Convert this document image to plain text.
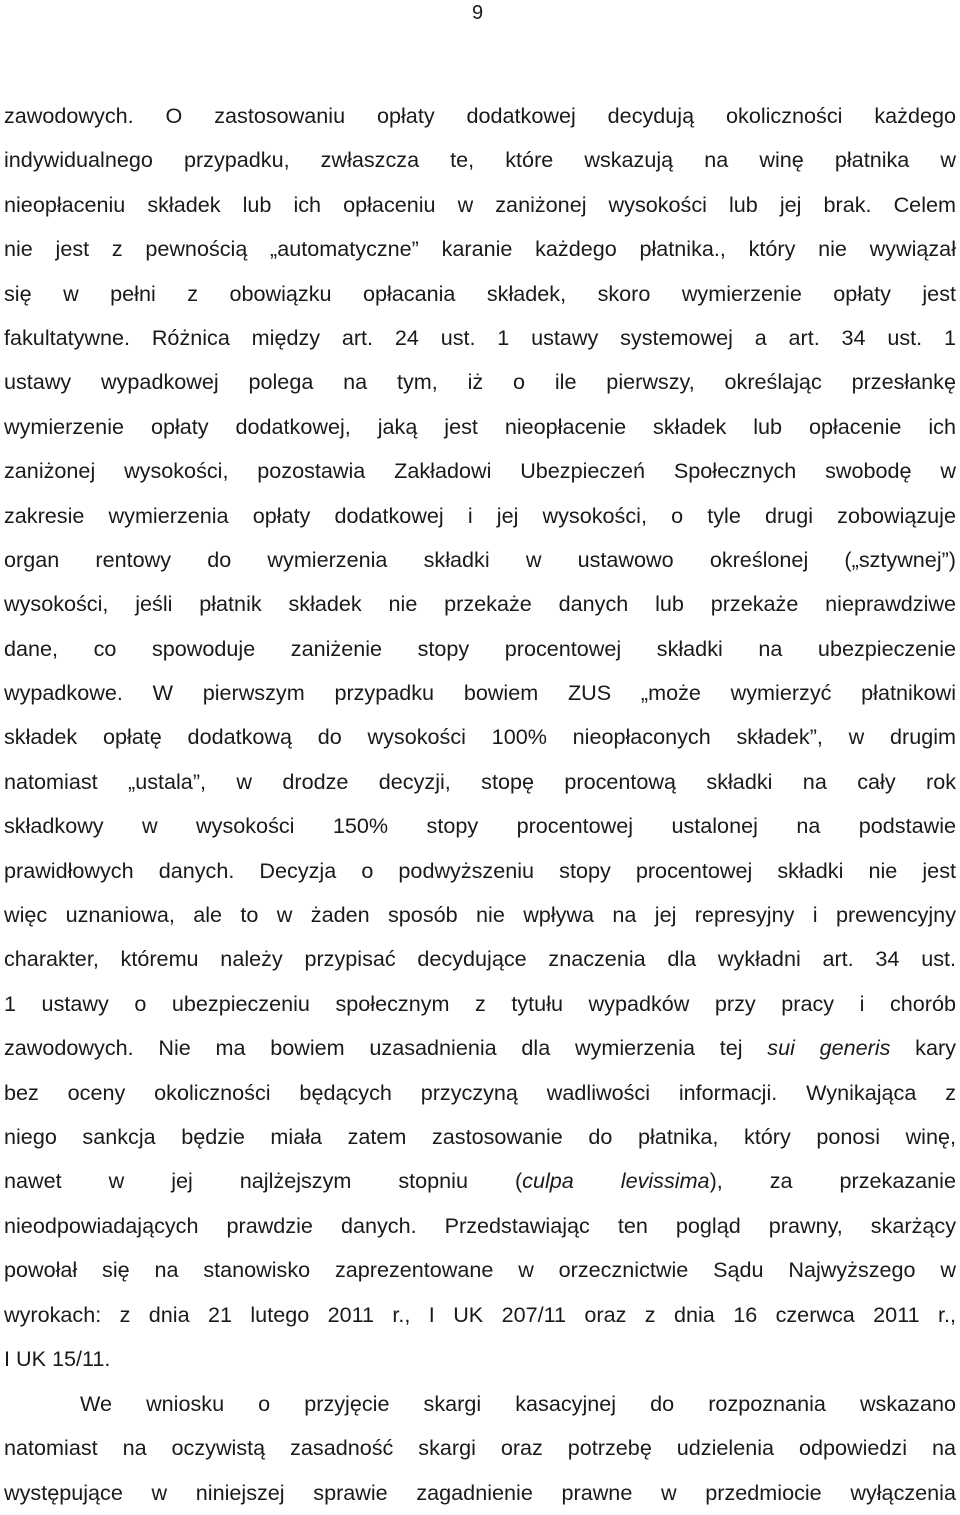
9
zawodowych. O zastosowaniu opłaty dodatkowej decydują okoliczności każdego
indywidualnego przypadku, zwłaszcza te, które wskazują na winę płatnika w
nieopłaceniu składek lub ich opłaceniu w zaniżonej wysokości lub jej brak. Celem
nie jest z pewnością „automatyczne” karanie każdego płatnika., który nie wywiązał
się w pełni z obowiązku opłacania składek, skoro wymierzenie opłaty jest
fakultatywne. Różnica między art. 24 ust. 1 ustawy systemowej a art. 34 ust. 1
ustawy wypadkowej polega na tym, iż o ile pierwszy, określając przesłankę
wymierzenie opłaty dodatkowej, jaką jest nieopłacenie składek lub opłacenie ich
zaniżonej wysokości, pozostawia Zakładowi Ubezpieczeń Społecznych swobodę w
zakresie wymierzenia opłaty dodatkowej i jej wysokości, o tyle drugi zobowiązuje
organ rentowy do wymierzenia składki w ustawowo określonej („sztywnej”)
wysokości, jeśli płatnik składek nie przekaże danych lub przekaże nieprawdziwe
dane, co spowoduje zaniżenie stopy procentowej składki na ubezpieczenie
wypadkowe. W pierwszym przypadku bowiem ZUS „może wymierzyć płatnikowi
składek opłatę dodatkową do wysokości 100% nieopłaconych składek”, w drugim
natomiast „ustala”, w drodze decyzji, stopę procentową składki na cały rok
składkowy w wysokości 150% stopy procentowej ustalonej na podstawie
prawidłowych danych. Decyzja o podwyższeniu stopy procentowej składki nie jest
więc uznaniowa, ale to w żaden sposób nie wpływa na jej represyjny i prewencyjny
charakter, któremu należy przypisać decydujące znaczenia dla wykładni art. 34 ust.
1 ustawy o ubezpieczeniu społecznym z tytułu wypadków przy pracy i chorób
zawodowych. Nie ma bowiem uzasadnienia dla wymierzenia tej sui generis kary
bez oceny okoliczności będących przyczyną wadliwości informacji. Wynikająca z
niego sankcja będzie miała zatem zastosowanie do płatnika, który ponosi winę,
nawet w jej najlżejszym stopniu (culpa levissima), za przekazanie
nieodpowiadających prawdzie danych. Przedstawiając ten pogląd prawny, skarżący
powołał się na stanowisko zaprezentowane w orzecznictwie Sądu Najwyższego w
wyrokach: z dnia 21 lutego 2011 r., I UK 207/11 oraz z dnia 16 czerwca 2011 r.,
I UK 15/11.
We wniosku o przyjęcie skargi kasacyjnej do rozpoznania wskazano
natomiast na oczywistą zasadność skargi oraz potrzebę udzielenia odpowiedzi na
występujące w niniejszej sprawie zagadnienie prawne w przedmiocie wyłączenia
